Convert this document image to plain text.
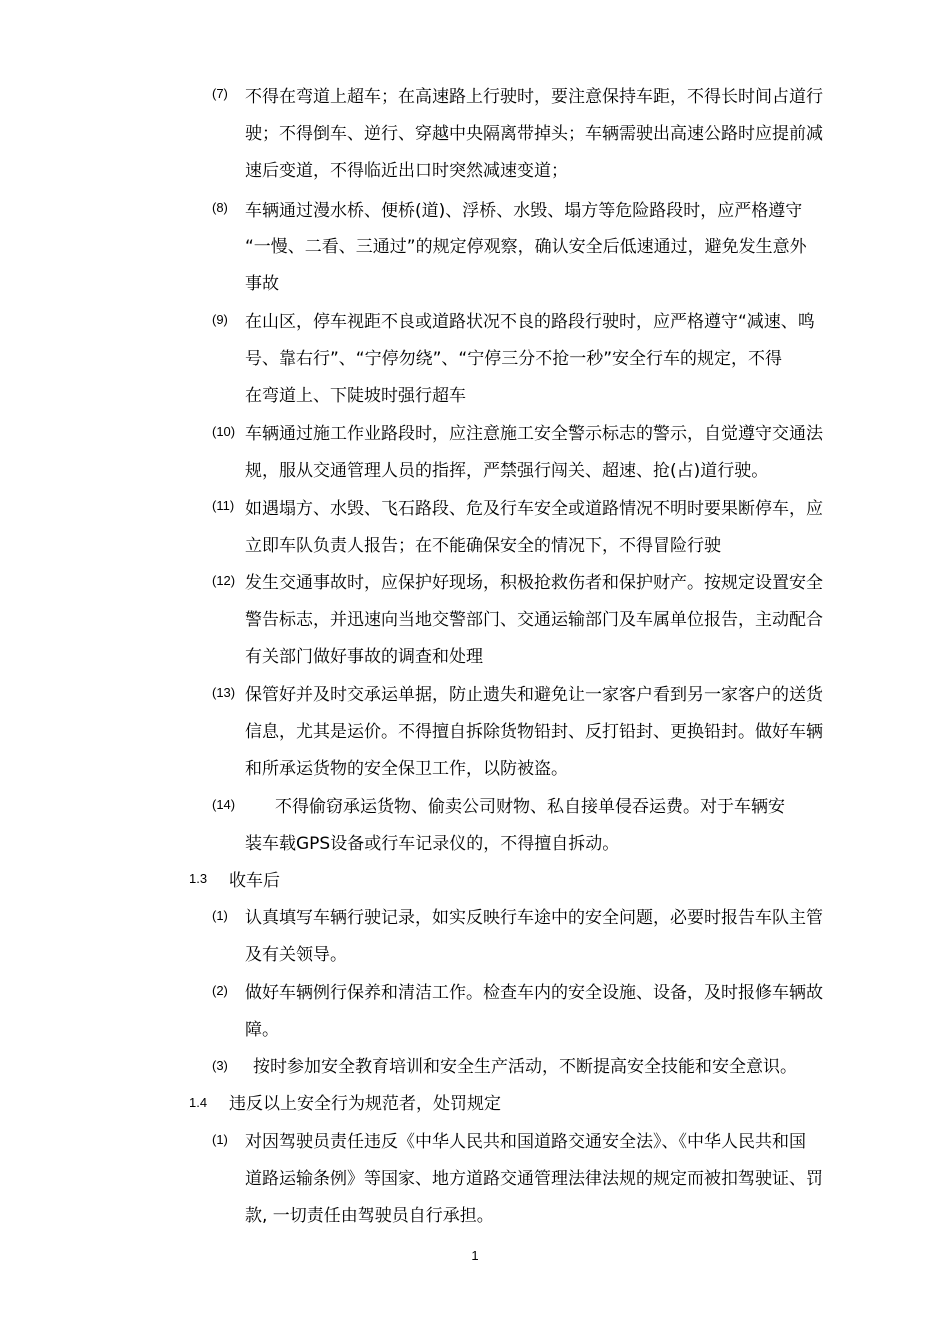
(7) 不得在弯道上超车；在高速路上行驶时，要注意保持车距，不得长时间占道行
驶；不得倒车、逆行、穿越中央隔离带掉头；车辆需驶出高速公路时应提前减
速后变道，不得临近出口时突然减速变道；
(8) 车辆通过漫水桥、便桥(道)、浮桥、水毁、塌方等危险路段时，应严格遵守
“一慢、二看、三通过”的规定停观察，确认安全后低速通过，避免发生意外
事故
(9) 在山区，停车视距不良或道路状况不良的路段行驶时，应严格遵守“减速、鸣
号、靠右行”、“宁停勿绕”、“宁停三分不抢一秒”安全行车的规定，不得
在弯道上、下陡坡时强行超车
(10) 车辆通过施工作业路段时，应注意施工安全警示标志的警示，自觉遵守交通法
规，服从交通管理人员的指挥，严禁强行闯关、超速、抢(占)道行驶。
(11) 如遇塌方、水毁、飞石路段、危及行车安全或道路情况不明时要果断停车，应
立即车队负责人报告；在不能确保安全的情况下，不得冒险行驶
(12) 发生交通事故时，应保护好现场，积极抢救伤者和保护财产。按规定设置安全
警告标志，并迅速向当地交警部门、交通运输部门及车属单位报告，主动配合
有关部门做好事故的调查和处理
(13) 保管好并及时交承运单据，防止遗失和避免让一家客户看到另一家客户的送货
信息，尤其是运价。不得擅自拆除货物铅封、反打铅封、更换铅封。做好车辆
和所承运货物的安全保卫工作，以防被盗。
(14) 不得偷窃承运货物、偷卖公司财物、私自接单侵吞运费。对于车辆安
装车载GPS设备或行车记录仪的，不得擅自拆动。
1.3 收车后
(1) 认真填写车辆行驶记录，如实反映行车途中的安全问题，必要时报告车队主管
及有关领导。
(2) 做好车辆例行保养和清洁工作。检查车内的安全设施、设备，及时报修车辆故
障。
(3) 按时参加安全教育培训和安全生产活动，不断提高安全技能和安全意识。
1.4 违反以上安全行为规范者，处罚规定
(1) 对因驾驶员责任违反《中华人民共和国道路交通安全法》、《中华人民共和国
道路运输条例》等国家、地方道路交通管理法律法规的规定而被扣驾驶证、罚
款, 一切责任由驾驶员自行承担。
1
